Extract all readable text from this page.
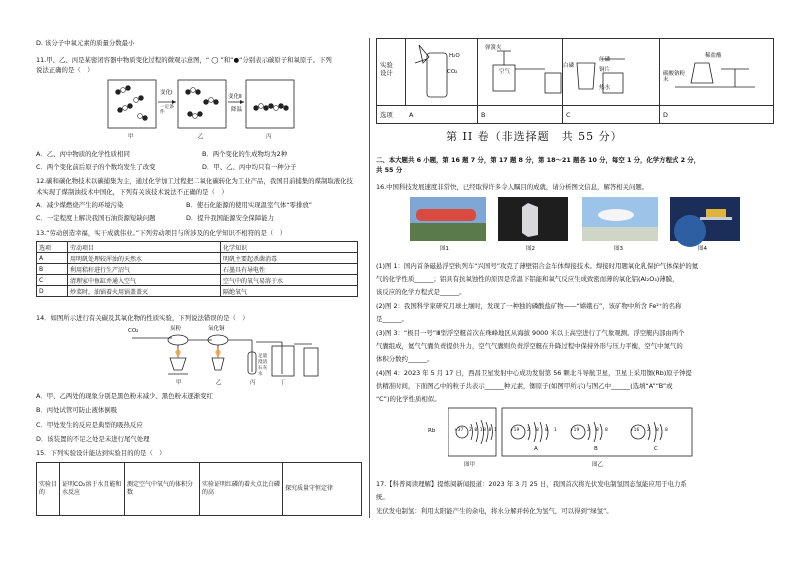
D. 该分子中氧元素的质量分数最小
11.甲、乙、丙是某密闭容器中物质变化过程的微观示意图，“ ◯ ”和“●”分别表示碳原子和氧原子。下列
说法正确的是（　）
变化Ⅰ
一定条件
变化Ⅱ
降温
甲	乙	丙
A．乙、丙中物质的化学性质相同	B．两个变化的生成物均为2种
C．两个变化前后原子的个数均发生了改变	D．甲、乙、丙中均只有一种分子
12.碳和碳化物技术以碳捕集为主，通过化学加工过程把二氧化碳转化为工业产品，我国目前捕集的煤制取液化技
术实现了煤制油技术中国化，下列有关该技术说法不正确的是（　）
A．减少煤燃烧产生的环境污染	B．使石化能源的使用实现温室气体“零排放”
C．一定程度上解决我国石油资源短缺问题	D．提升我国能源安全保障能力
13.“劳动创造幸福，实干成就伟业。”下列劳动项目与所涉及的化学知识不相符的是（　）
选项	劳动项目	化学知识
A	用明矾处理较浑浊的天然水	明矾主要起杀菌消毒
B	利用秸秆进行生产沼气	石墨具有导电性
C	清理家中鱼缸并通入空气	空气中的氧气易溶于水
D	炒菜时，油锅着火用锅盖盖灭	隔绝氧气
14．如图所示进行有关碳及其氧化物的性质实验，下列说法错误的是（　）
CO₂	炭粉	氧化铜
足量澄清石灰水
甲	乙	丙	丁
A．甲、乙两处的现象分别是黑色粉末减少、黑色粉末逐渐变红
B．丙处试管可防止液体倒吸
C．甲处发生的反应是典型的吸热反应
D．该装置的不足之处是未进行尾气处理
15．下列实验设计能达到实验目的的是（　）
实验目的	证明CO₂溶于水且能和水反应	测定空气中氧气的体积分数	实验证明红磷的着火点比白磷的高	探究质量守恒定律
实验设计
选项	A	B	C	D
CO₂
H₂O
弹簧夹
空气
白磷
红磷
铜片
热水
稀盐酸
碳酸钠粉末
第 II 卷（非选择题　共 55 分）
二、本大题共 6 小题，第 16 题 7 分，第 17 题 8 分，第 18～21 题各 10 分，每空 1 分，化学方程式 2 分，
共 55 分
16.中国科技发展速度非常快，已经取得许多令人瞩目的成就，请分析图文信息，解答相关问题。
图1	图2	图3	图4
(1)图 1：国内首条磁悬浮空轨列车“兴国号”攻克了薄壁铝合金车体焊接技术。焊接时用题氧化乳保护气体保护的氦
气的化学性质______；铝具有抗氧蚀性的原因是常温下铝能和氧气反应生成致密而薄的氧化铝(Al₂O₃)薄膜，
该反应的化学方程式是______。
(2)图 2：我国科学家研究月球土壤时，发现了一种独的磷酸盐矿物——“嫦娥石”，该矿物中所含 Fe²⁺的名称
是______。
(3)图 3：“极目一号”Ⅲ型浮空艇首次在珠峰地区从海拔 9000 米以上高空进行了气象观测。浮空艇内部由两个
气囊组成，氦气气囊负责提供升力，空气气囊则负责浮空艇在升降过程中保持外形与压力平衡，空气中氮气的
体积分数约______。
(4)图 4：2023 年 5 月 17 日，西昌卫星发射中心成功发射第 56 颗北斗导航卫星，卫星上采用铷(Rb)原子钟提
供精准时间，下面图乙中的粒子共表示______种元素，铷原子(如图甲所示)与图乙中______(选填“A”“B”或
“C”)的化学性质相似。
Rb	+37 2 8 18 8 1	+19 2 8 8 1 +19 2 8 8	+16 2 8 8
A	B	C
图甲	图乙
17.【科普阅读理解】提炼阅新闻报道：2023 年 3 月 25 日，我国首次将光伏发电制氢固态氢能应用于电力系
统。
光伏发电制氢：利用太阳能产生的余电，将水分解并转化为氢气，可以得到“绿氢”。
